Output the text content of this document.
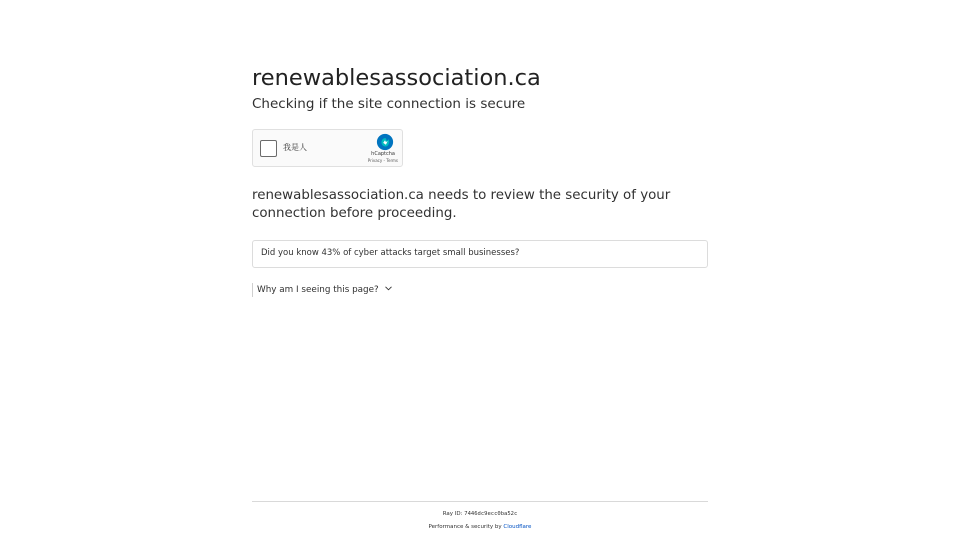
renewablesassociation.ca
Checking if the site connection is secure
我是人
hCaptcha
Privacy - Terms
renewablesassociation.ca needs to review the security of your connection before proceeding.
Did you know 43% of cyber attacks target small businesses?
Why am I seeing this page?
Ray ID: 7446dc9ecc0ba52c
Performance & security by Cloudflare
